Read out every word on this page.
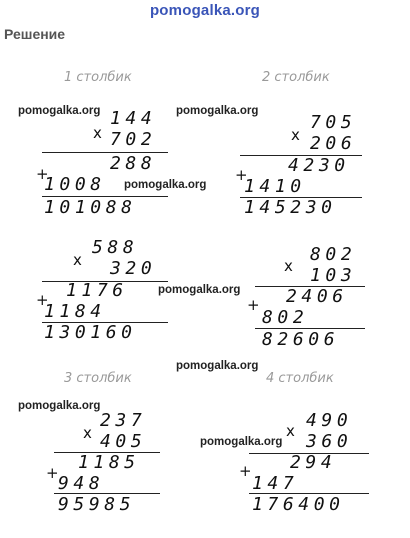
pomogalka.org
Решение
1 столбик	2 столбик
3 столбик	4 столбик
144
x 702
288
+
1008
101088
705
x 206
4230
+
1410
145230
588
x 320
1176
+
1184
130160
802
x 103
2406
+
802
82606
237
x 405
1185
+ 948
95985
490
x 360
294
+
147
176400
pomogalka.org	pomogalka.org
pomogalka.org
pomogalka.org
pomogalka.org
pomogalka.org
pomogalka.org
